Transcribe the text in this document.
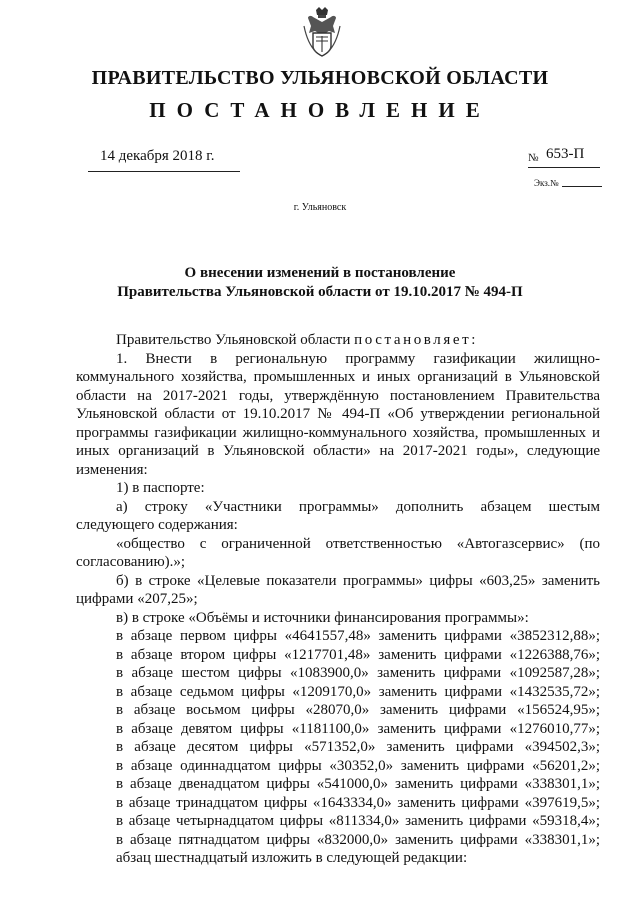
ПРАВИТЕЛЬСТВО УЛЬЯНОВСКОЙ ОБЛАСТИ
ПОСТАНОВЛЕНИЕ
14 декабря 2018 г.	№ 653-П
Экз.№
г. Ульяновск
О внесении изменений в постановление
Правительства Ульяновской области от 19.10.2017 № 494-П

Правительство Ульяновской области постановляет:

1. Внести в региональную программу газификации жилищно-коммунального хозяйства, промышленных и иных организаций в Ульяновской области на 2017-2021 годы, утверждённую постановлением Правительства Ульяновской области от 19.10.2017 № 494-П «Об утверждении региональной программы газификации жилищно-коммунального хозяйства, промышленных и иных организаций в Ульяновской области» на 2017-2021 годы», следующие изменения:

1) в паспорте:

а) строку «Участники программы» дополнить абзацем шестым следующего содержания:

«общество с ограниченной ответственностью «Автогазсервис» (по согласованию).»;

б) в строке «Целевые показатели программы» цифры «603,25» заменить цифрами «207,25»;

в) в строке «Объёмы и источники финансирования программы»:

в абзаце первом цифры «4641557,48» заменить цифрами «3852312,88»;

в абзаце втором цифры «1217701,48» заменить цифрами «1226388,76»;

в абзаце шестом цифры «1083900,0» заменить цифрами «1092587,28»;

в абзаце седьмом цифры «1209170,0» заменить цифрами «1432535,72»;

в абзаце восьмом цифры «28070,0» заменить цифрами «156524,95»;

в абзаце девятом цифры «1181100,0» заменить цифрами «1276010,77»;

в абзаце десятом цифры «571352,0» заменить цифрами «394502,3»;

в абзаце одиннадцатом цифры «30352,0» заменить цифрами «56201,2»;

в абзаце двенадцатом цифры «541000,0» заменить цифрами «338301,1»;

в абзаце тринадцатом цифры «1643334,0» заменить цифрами «397619,5»;

в абзаце четырнадцатом цифры «811334,0» заменить цифрами «59318,4»;

в абзаце пятнадцатом цифры «832000,0» заменить цифрами «338301,1»;

абзац шестнадцатый изложить в следующей редакции:
